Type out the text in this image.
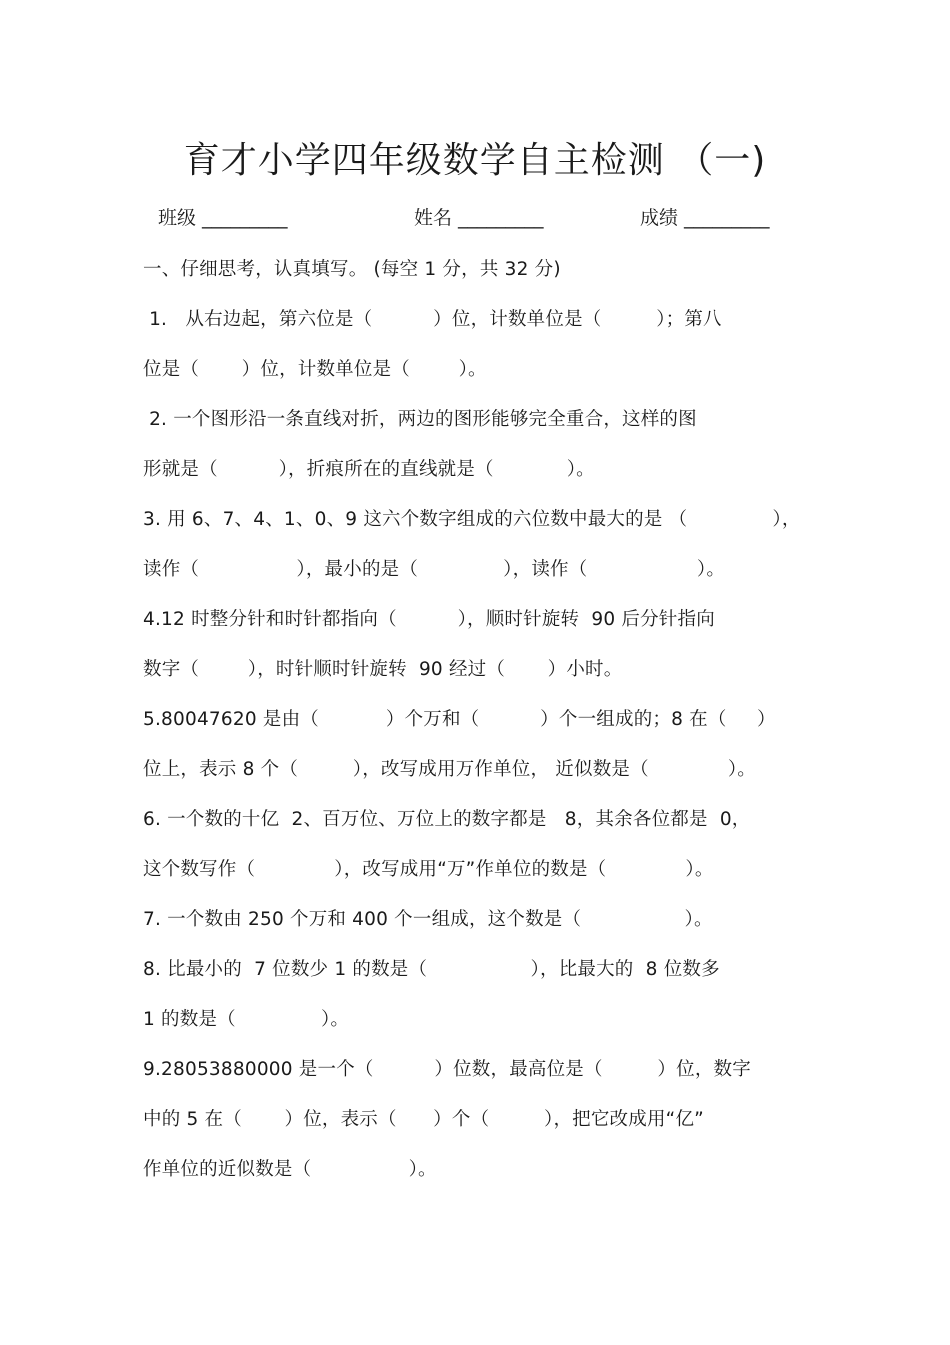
育才小学四年级数学自主检测 （一)
班级 _________	姓名 _________	成绩 _________
一、仔细思考，认真填写。 (每空 1 分，共 32 分)
1.   从右边起，第六位是（          ）位，计数单位是（         ）；第八
位是（       ）位，计数单位是（        ）。
2. 一个图形沿一条直线对折，两边的图形能够完全重合，这样的图
形就是（          ），折痕所在的直线就是（            ）。
3. 用 6、7、4、1、0、9 这六个数字组成的六位数中最大的是 （              ），
读作（                ），最小的是（              ），读作（                  ）。
4.12 时整分针和时针都指向（          ），顺时针旋转  90 后分针指向
数字（        ），时针顺时针旋转  90 经过（       ）小时。
5.80047620 是由（           ）个万和（          ）个一组成的；8 在（     ）
位上，表示 8 个（         ），改写成用万作单位， 近似数是（             ）。
6. 一个数的十亿  2、百万位、万位上的数字都是   8，其余各位都是  0，
这个数写作（             ），改写成用“万”作单位的数是（             ）。
7. 一个数由 250 个万和 400 个一组成，这个数是（                 ）。
8. 比最小的  7 位数少 1 的数是（                 ），比最大的  8 位数多
1 的数是（              ）。
9.28053880000 是一个（          ）位数，最高位是（         ）位，数字
中的 5 在（       ）位，表示（      ）个（         ），把它改成用“亿”
作单位的近似数是（                ）。
